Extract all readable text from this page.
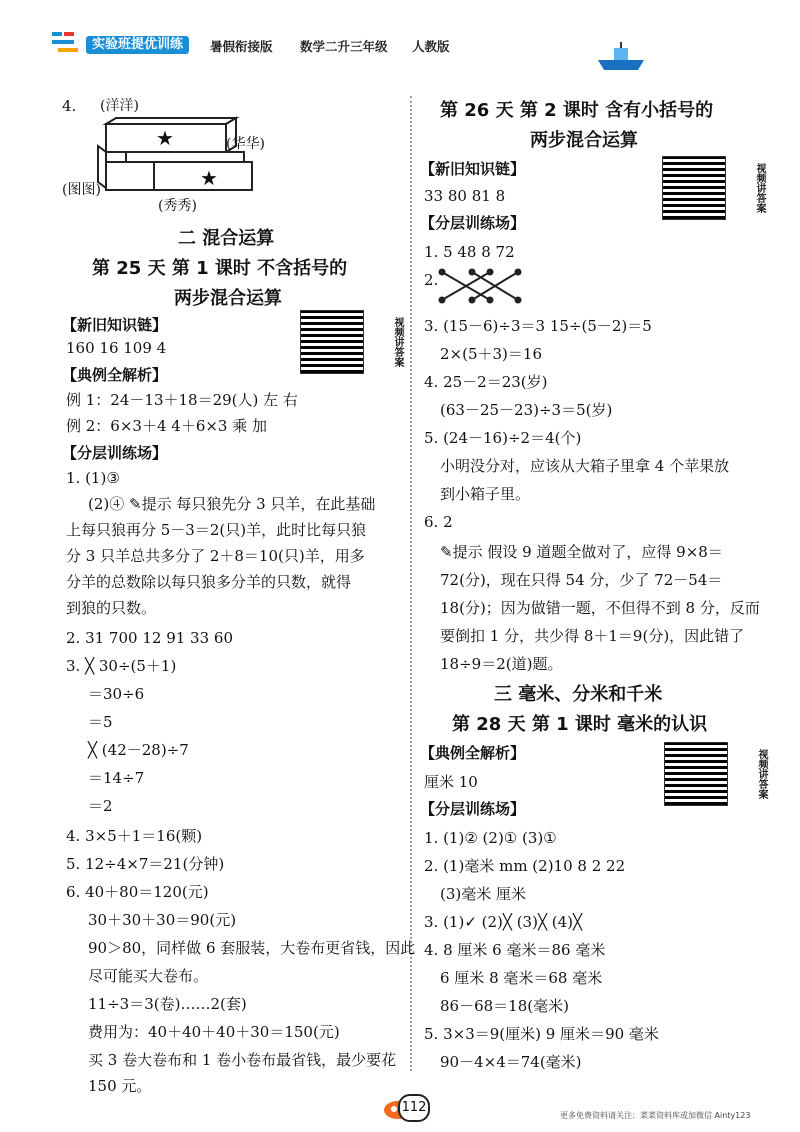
实验班提优训练	暑假衔接版 数学二升三年级 人教版
4. (洋洋)
★
★
(华华)
(图图)
(秀秀)
二 混合运算
第 25 天 第 1 课时 不含括号的
两步混合运算
视频讲答案
【新旧知识链】
160 16 109 4
【典例全解析】
例 1：24－13＋18＝29(人) 左 右
例 2：6×3＋4 4＋6×3 乘 加
【分层训练场】
1. (1)③
(2)④ ✎提示 每只狼先分 3 只羊，在此基础
上每只狼再分 5－3＝2(只)羊，此时比每只狼
分 3 只羊总共多分了 2＋8＝10(只)羊，用多
分羊的总数除以每只狼多分羊的只数，就得
到狼的只数。
2. 31 700 12 91 33 60
3. ╳ 30÷(5＋1)
＝30÷6
＝5
╳ (42－28)÷7
＝14÷7
＝2
4. 3×5＋1＝16(颗)
5. 12÷4×7＝21(分钟)
6. 40＋80＝120(元)
30＋30＋30＝90(元)
90＞80，同样做 6 套服装，大卷布更省钱，因此
尽可能买大卷布。
11÷3＝3(卷)……2(套)
费用为：40＋40＋40＋30＝150(元)
买 3 卷大卷布和 1 卷小卷布最省钱，最少要花
150 元。
第 26 天 第 2 课时 含有小括号的
两步混合运算
视频讲答案
【新旧知识链】
33 80 81 8
【分层训练场】
1. 5 48 8 72
2.
3. (15－6)÷3＝3 15÷(5－2)＝5
2×(5＋3)＝16
4. 25－2＝23(岁)
(63－25－23)÷3＝5(岁)
5. (24－16)÷2＝4(个)
小明没分对，应该从大箱子里拿 4 个苹果放
到小箱子里。
6. 2
✎提示 假设 9 道题全做对了，应得 9×8＝
72(分)，现在只得 54 分，少了 72－54＝
18(分)；因为做错一题，不但得不到 8 分，反而
要倒扣 1 分，共少得 8＋1＝9(分)，因此错了
18÷9＝2(道)题。
三 毫米、分米和千米
第 28 天 第 1 课时 毫米的认识
视频讲答案
【典例全解析】
厘米 10
【分层训练场】
1. (1)② (2)① (3)①
2. (1)毫米 mm (2)10 8 2 22
(3)毫米 厘米
3. (1)✓ (2)╳ (3)╳ (4)╳
4. 8 厘米 6 毫米＝86 毫米
6 厘米 8 毫米＝68 毫米
86－68＝18(毫米)
5. 3×3＝9(厘米) 9 厘米＝90 毫米
90－4×4＝74(毫米)
112
更多免费资料请关注：菜菜资料库或加微信 Ainty123
